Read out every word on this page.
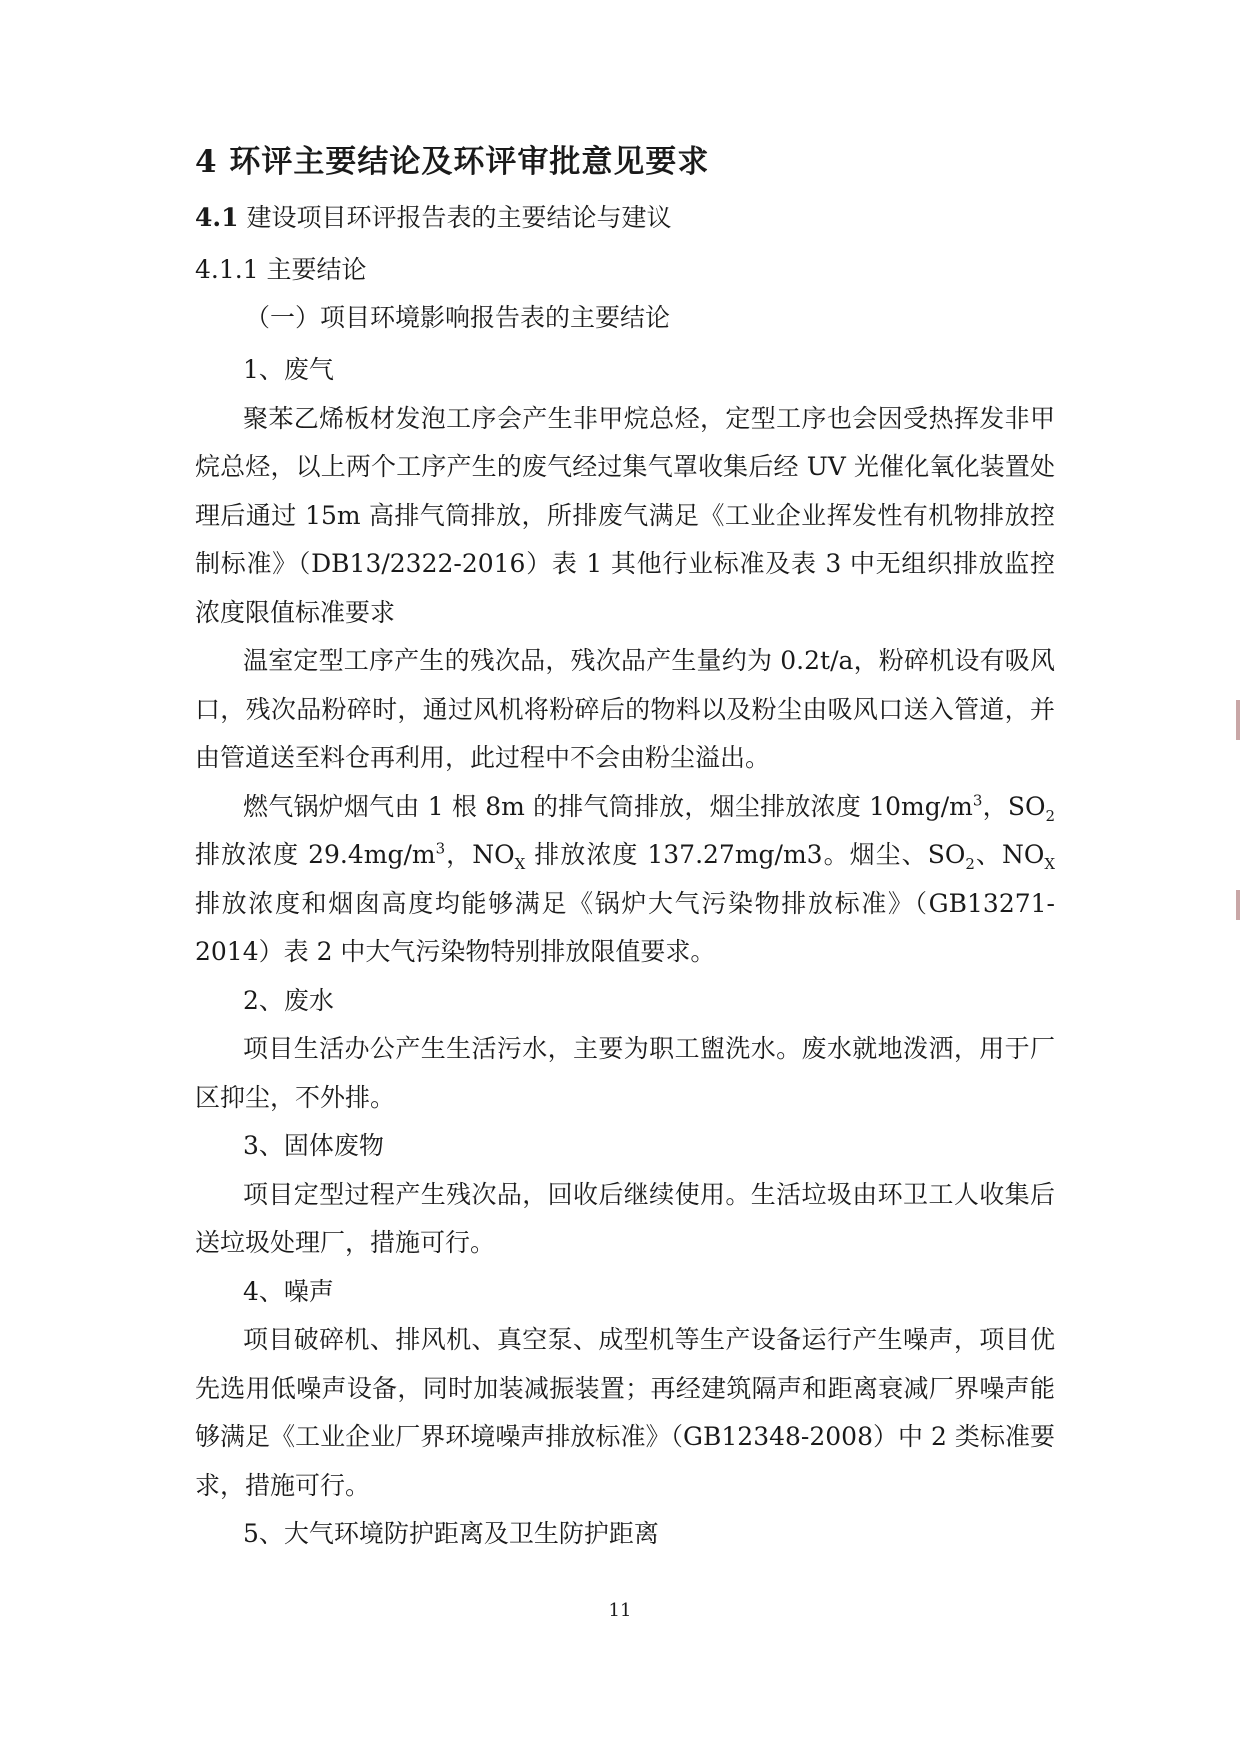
4 环评主要结论及环评审批意见要求
4.1 建设项目环评报告表的主要结论与建议
4.1.1 主要结论
（一）项目环境影响报告表的主要结论
1、废气
聚苯乙烯板材发泡工序会产生非甲烷总烃，定型工序也会因受热挥发非甲烷总烃，以上两个工序产生的废气经过集气罩收集后经 UV 光催化氧化装置处理后通过 15m 高排气筒排放，所排废气满足《工业企业挥发性有机物排放控制标准》（DB13/2322-2016）表 1 其他行业标准及表 3 中无组织排放监控浓度限值标准要求
温室定型工序产生的残次品，残次品产生量约为 0.2t/a，粉碎机设有吸风口，残次品粉碎时，通过风机将粉碎后的物料以及粉尘由吸风口送入管道，并由管道送至料仓再利用，此过程中不会由粉尘溢出。
燃气锅炉烟气由 1 根 8m 的排气筒排放，烟尘排放浓度 $10mg/m^3$，$SO_2$ 排放浓度 $29.4mg/m^3$，$NO_X$ 排放浓度 137.27mg/m3。烟尘、$SO_2$、$NO_X$ 排放浓度和烟囱高度均能够满足《锅炉大气污染物排放标准》（GB13271-2014）表 2 中大气污染物特别排放限值要求。
2、废水
项目生活办公产生生活污水，主要为职工盥洗水。废水就地泼洒，用于厂区抑尘，不外排。
3、固体废物
项目定型过程产生残次品，回收后继续使用。生活垃圾由环卫工人收集后送垃圾处理厂，措施可行。
4、噪声
项目破碎机、排风机、真空泵、成型机等生产设备运行产生噪声，项目优先选用低噪声设备，同时加装减振装置；再经建筑隔声和距离衰减厂界噪声能够满足《工业企业厂界环境噪声排放标准》（GB12348-2008）中 2 类标准要求，措施可行。
5、大气环境防护距离及卫生防护距离
11
